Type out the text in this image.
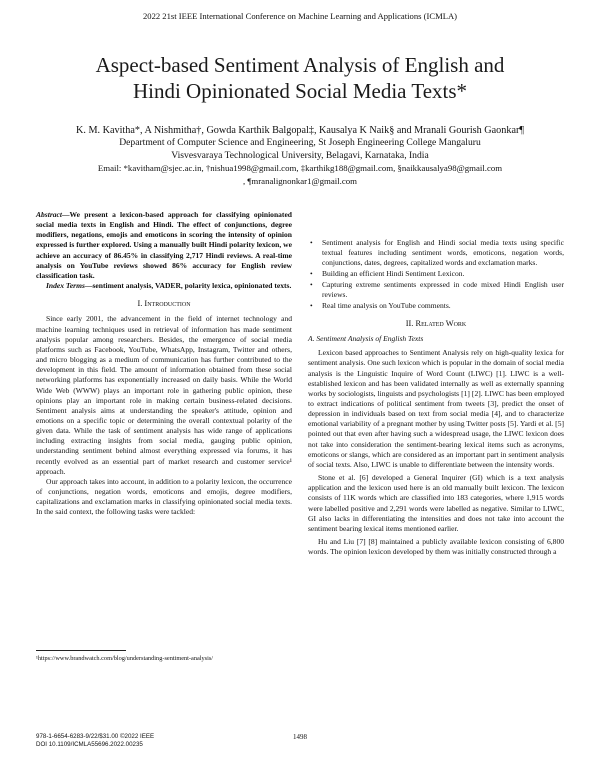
2022 21st IEEE International Conference on Machine Learning and Applications (ICMLA)
Aspect-based Sentiment Analysis of English and
Hindi Opinionated Social Media Texts*
K. M. Kavitha*, A Nishmitha†, Gowda Karthik Balgopal‡, Kausalya K Naik§ and Mranali Gourish Gaonkar¶
Department of Computer Science and Engineering, St Joseph Engineering College Mangaluru
Visvesvaraya Technological University, Belagavi, Karnataka, India
Email: *kavitham@sjec.ac.in, †nishua1998@gmail.com, ‡karthikg188@gmail.com, §naikkausalya98@gmail.com
, ¶mranalignonkar1@gmail.com

Abstract—We present a lexicon-based approach for classifying opinionated social media texts in English and Hindi. The effect of conjunctions, degree modifiers, negations, emojis and emoticons in scoring the intensity of opinion expressed is further explored. Using a manually built Hindi polarity lexicon, we achieve an accuracy of 86.45% in classifying 2,717 Hindi reviews. A real-time analysis on YouTube reviews showed 86% accuracy for English review classification task.

Index Terms—sentiment analysis, VADER, polarity lexica, opinionated texts.

I. Introduction

Since early 2001, the advancement in the field of internet technology and machine learning techniques used in retrieval of information has made sentiment analysis popular among researchers. Besides, the emergence of social media platforms such as Facebook, YouTube, WhatsApp, Instagram, Twitter and others, and micro blogging as a medium of communication has further contributed to the development in this field. The amount of information obtained from these social networking platforms has exponentially increased on daily basis. While the World Wide Web (WWW) plays an important role in gathering public opinion, these opinions play an important role in making certain business-related decisions. Sentiment analysis aims at understanding the speaker's attitude, opinion and emotions on a specific topic or determining the overall contextual polarity of the given data. While the task of sentiment analysis has wide range of applications including extracting insights from social media, gauging public opinion, understanding sentiment behind almost everything expressed via forums, it has recently evolved as an essential part of market research and customer service¹ approach.

Our approach takes into account, in addition to a polarity lexicon, the occurrence of conjunctions, negation words, emoticons and emojis, degree modifiers, capitalizations and exclamation marks in classifying opinionated social media texts. In the said context, the following tasks were tackled:

¹https://www.brandwatch.com/blog/understanding-sentiment-analysis/
• Sentiment analysis for English and Hindi social media texts using specific textual features including sentiment words, emoticons, negation words, conjunctions, dates, degrees, capitalized words and exclamation marks.
• Building an efficient Hindi Sentiment Lexicon.
• Capturing extreme sentiments expressed in code mixed Hindi English user reviews.
• Real time analysis on YouTube comments.
II. Related Work
A. Sentiment Analysis of English Texts

Lexicon based approaches to Sentiment Analysis rely on high-quality lexica for sentiment analysis. One such lexicon which is popular in the domain of social media analysis is the Linguistic Inquire of Word Count (LIWC) [1]. LIWC is a well-established lexicon and has been validated internally as well as externally spanning works by sociologists, linguists and psychologists [1] [2]. LIWC has been employed to extract indications of political sentiment from tweets [3], predict the onset of depression in individuals based on text from social media [4], and to characterize emotional variability of a pregnant mother by using Twitter posts [5]. Yardi et al. [5] pointed out that even after having such a widespread usage, the LIWC lexicon does not take into consideration the sentiment-bearing lexical items such as acronyms, emoticons or slangs, which are considered as an important part in sentiment analysis of social texts. Also, LIWC is unable to differentiate between the intensity words.

Stone et al. [6] developed a General Inquirer (GI) which is a text analysis application and the lexicon used here is an old manually built lexicon. The lexicon consists of 11K words which are classified into 183 categories, where 1,915 words were labelled positive and 2,291 words were labelled as negative. Similar to LIWC, GI also lacks in differentiating the intensities and does not take into account the sentiment bearing lexical items mentioned earlier.

Hu and Liu [7] [8] maintained a publicly available lexicon consisting of 6,800 words. The opinion lexicon developed by them was initially constructed through a

978-1-6654-6283-9/22/$31.00 ©2022 IEEE
DOI 10.1109/ICMLA55696.2022.00235
1498
